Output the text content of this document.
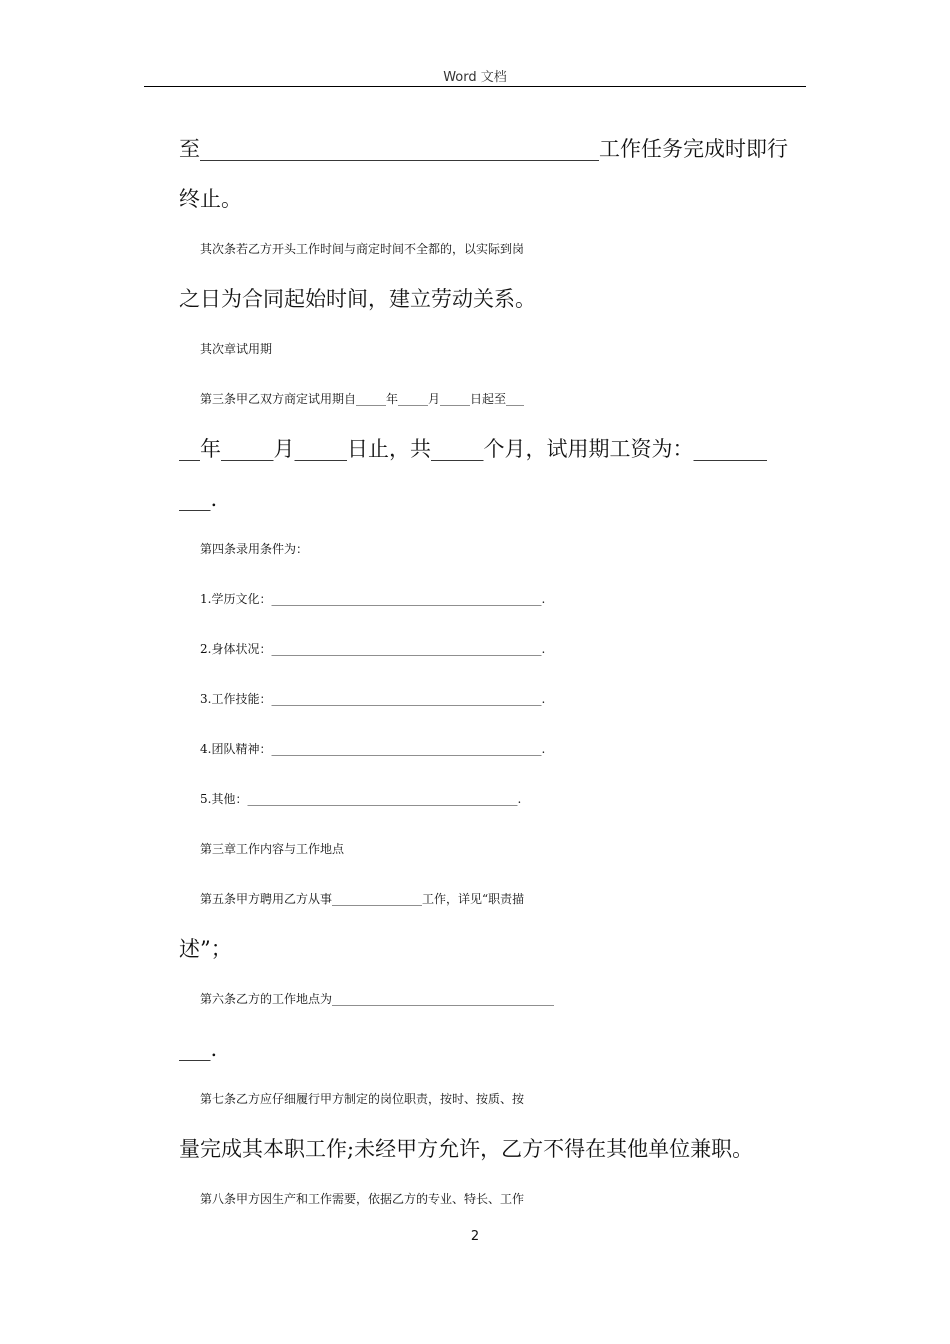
Word 文档

至______________________________________工作任务完成时即行

终止。

其次条若乙方开头工作时间与商定时间不全都的，以实际到岗

之日为合同起始时间，建立劳动关系。

其次章试用期

第三条甲乙双方商定试用期自_____年_____月_____日起至___

__年_____月_____日止，共_____个月，试用期工资为：_______

___.

第四条录用条件为：

1.学历文化：_____________________________________________.

2.身体状况：_____________________________________________.

3.工作技能：_____________________________________________.

4.团队精神：_____________________________________________.

5.其他：_____________________________________________.

第三章工作内容与工作地点

第五条甲方聘用乙方从事_______________工作，详见“职责描

述”；

第六条乙方的工作地点为_____________________________________

___.

第七条乙方应仔细履行甲方制定的岗位职责，按时、按质、按

量完成其本职工作;未经甲方允许，乙方不得在其他单位兼职。

第八条甲方因生产和工作需要，依据乙方的专业、特长、工作

2
